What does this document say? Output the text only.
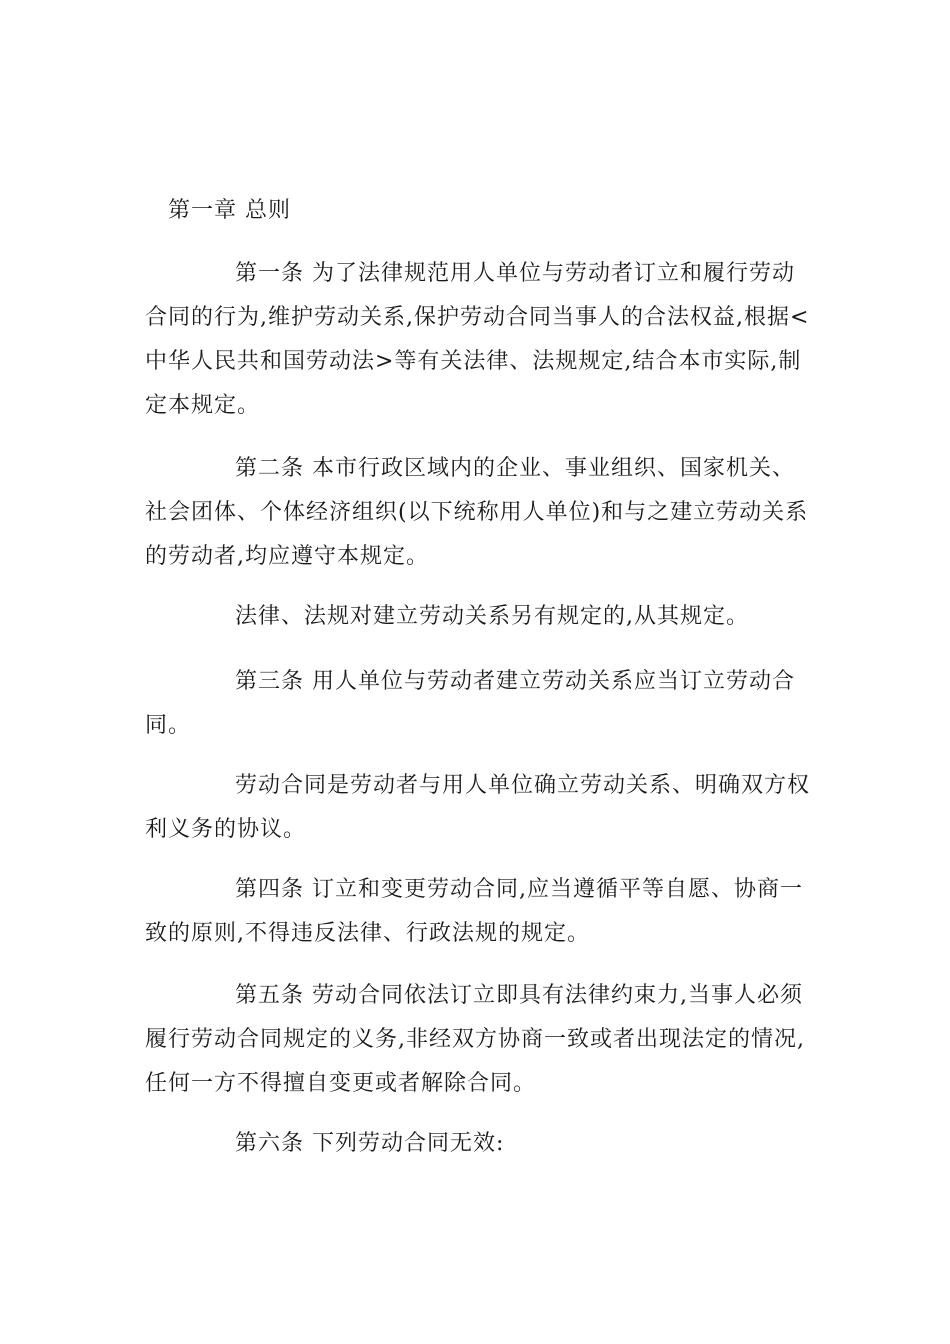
第一章 总则

第一条 为了法律规范用人单位与劳动者订立和履行劳动合同的行为,维护劳动关系,保护劳动合同当事人的合法权益,根据<中华人民共和国劳动法>等有关法律、法规规定,结合本市实际,制定本规定。

第二条 本市行政区域内的企业、事业组织、国家机关、社会团体、个体经济组织(以下统称用人单位)和与之建立劳动关系的劳动者,均应遵守本规定。

法律、法规对建立劳动关系另有规定的,从其规定。

第三条 用人单位与劳动者建立劳动关系应当订立劳动合同。

劳动合同是劳动者与用人单位确立劳动关系、明确双方权利义务的协议。

第四条 订立和变更劳动合同,应当遵循平等自愿、协商一致的原则,不得违反法律、行政法规的规定。

第五条 劳动合同依法订立即具有法律约束力,当事人必须履行劳动合同规定的义务,非经双方协商一致或者出现法定的情况,任何一方不得擅自变更或者解除合同。

第六条 下列劳动合同无效:
